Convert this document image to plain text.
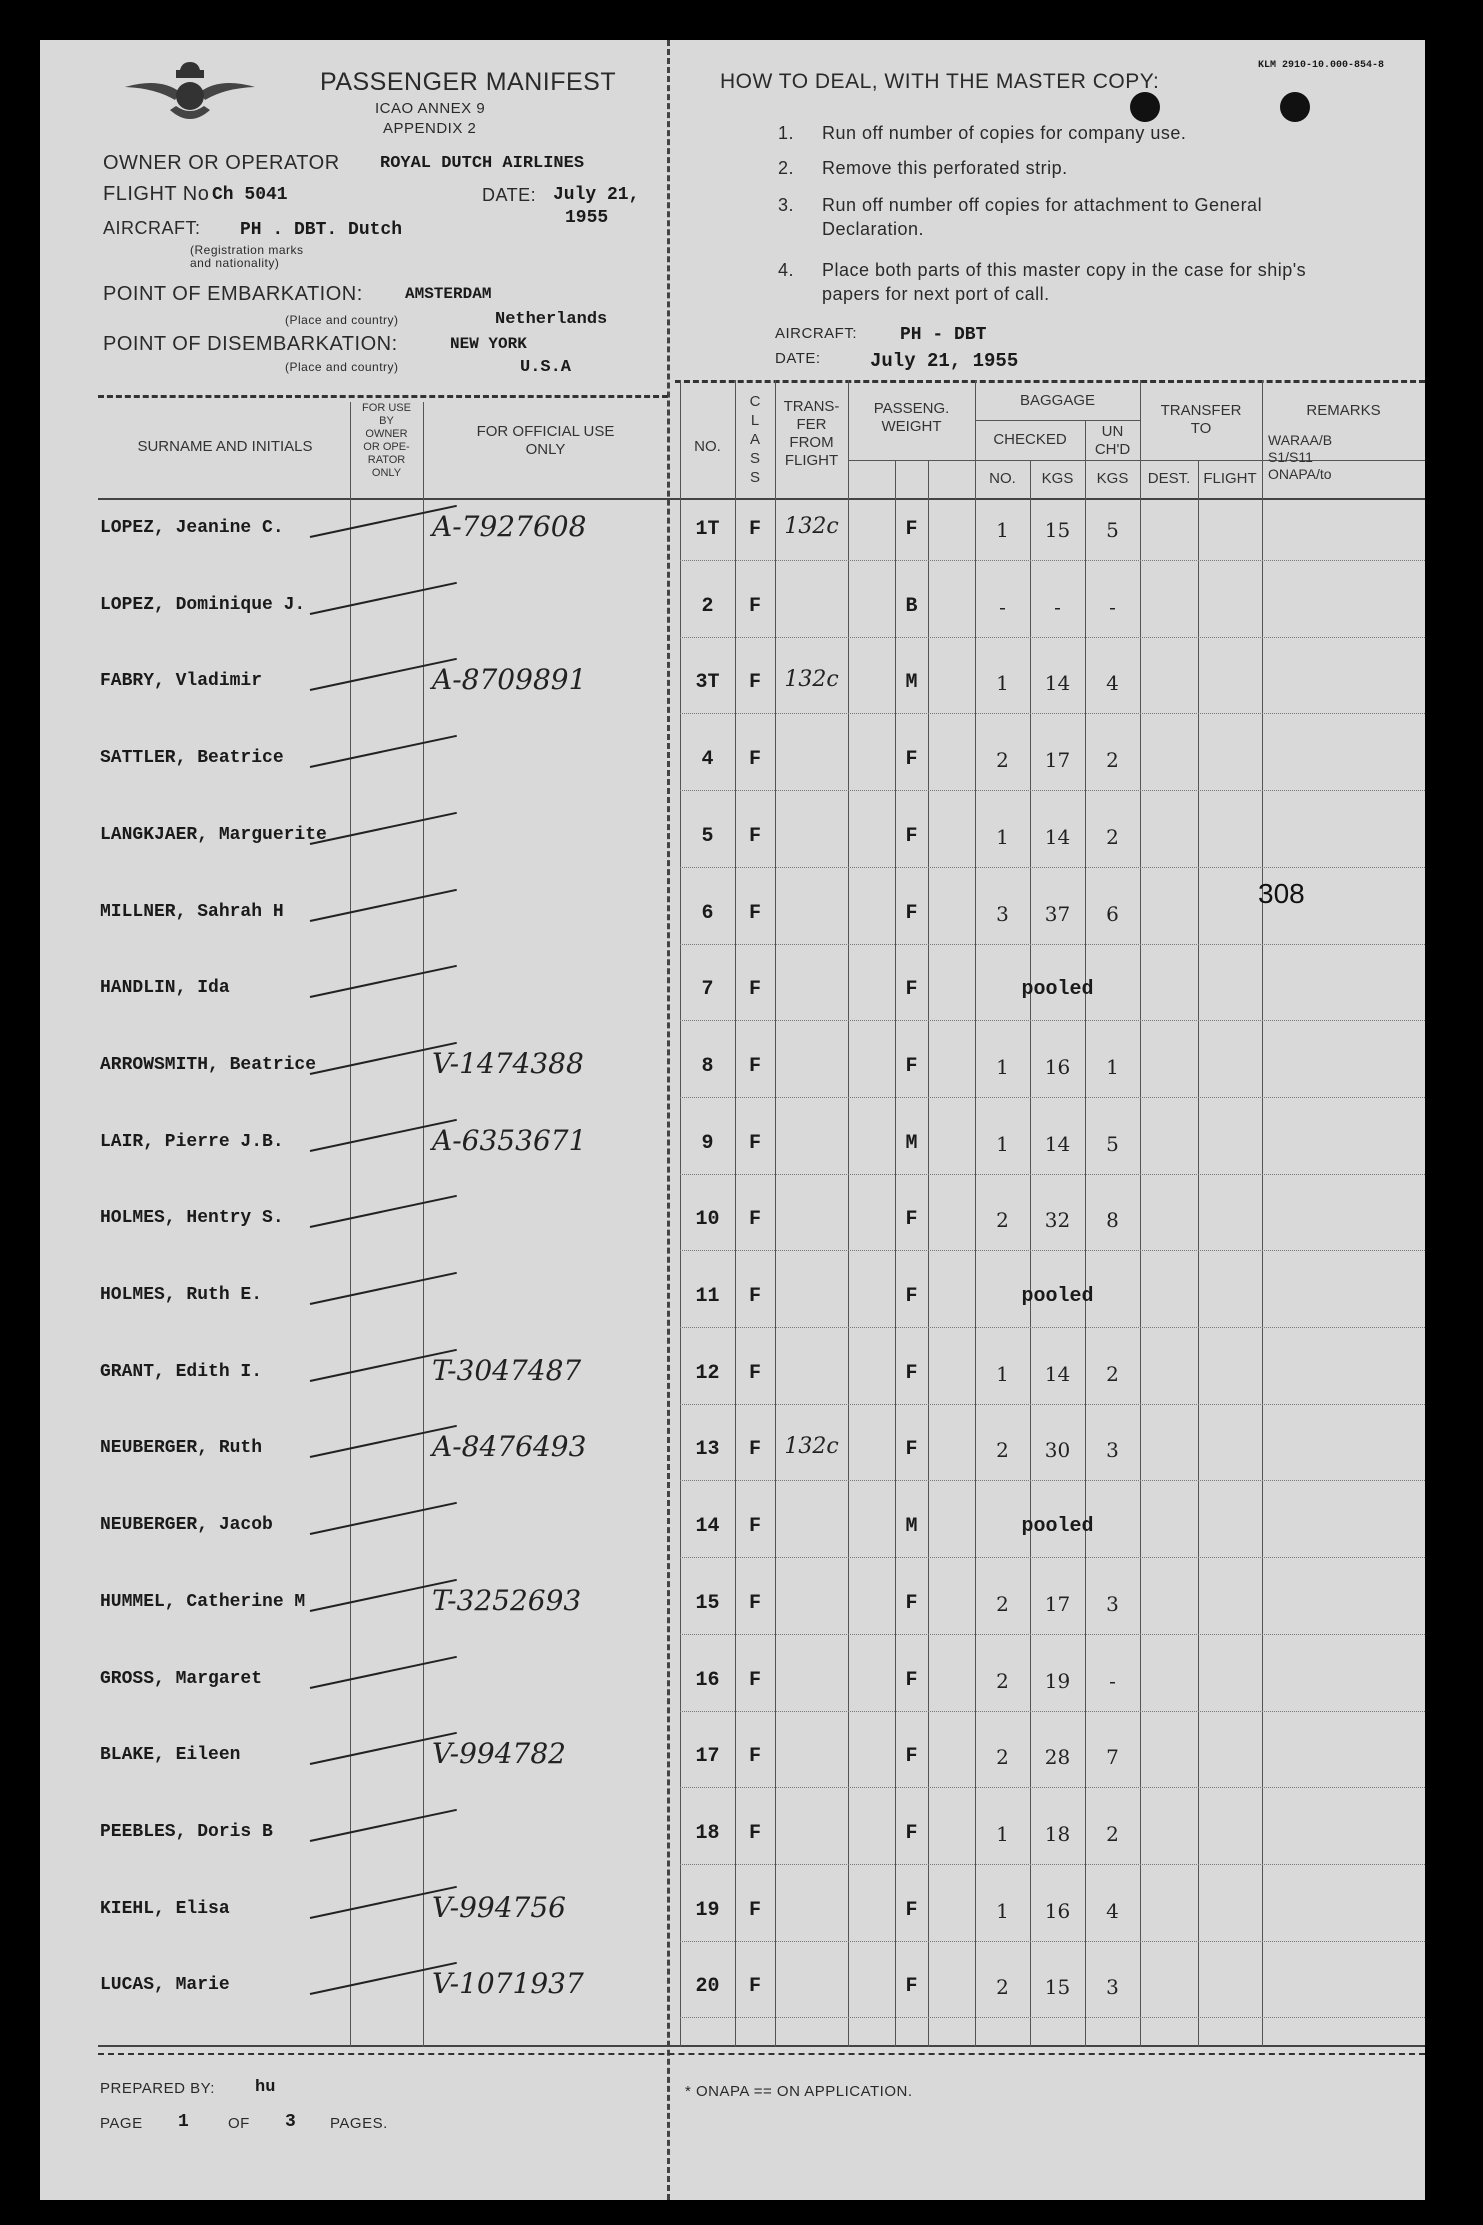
PASSENGER MANIFEST
ICAO ANNEX 9
APPENDIX 2
OWNER OR OPERATOR ROYAL DUTCH AIRLINES
FLIGHT No Ch 5041	DATE: July 21,
1955
AIRCRAFT: PH . DBT. Dutch
(Registration marks
and nationality)
POINT OF EMBARKATION:	AMSTERDAM
(Place and country)	Netherlands
POINT OF DISEMBARKATION:	NEW YORK
(Place and country)	U.S.A
KLM 2910-10.000-854-8
HOW TO DEAL, WITH THE MASTER COPY:
1. Run off number of copies for company use.
2. Remove this perforated strip.
3. Run off number off copies for attachment to General
Declaration.
4. Place both parts of this master copy in the case for ship's
papers for next port of call.
AIRCRAFT: PH - DBT
DATE:	July 21, 1955
SURNAME AND INITIALS
FOR USE
BY
OWNER
OR OPE-
RATOR
ONLY
FOR OFFICIAL USE
ONLY	NO.
C
L
A
S
S
TRANS-
FER
FROM
FLIGHT
PASSENG.
WEIGHT
BAGGAGE
CHECKED	UN
CH'D
NO.	KGS	KGS
TRANSFER
TO
DEST. FLIGHT
REMARKS
WARAA/B
S1/S11
ONAPA/to
LOPEZ, Jeanine C.	A-7927608	1T	F	132c	F	1	15	5
LOPEZ, Dominique J.	2	F	B	-	-	-
FABRY, Vladimir	A-8709891	3T	F	132c	M	1	14	4
SATTLER, Beatrice	4	F	F	2	17	2
LANGKJAER, Marguerite	5	F	F	1	14	2
MILLNER, Sahrah H	6	F	F	3	37	6
HANDLIN, Ida	7	F	F	pooled
ARROWSMITH, Beatrice	V-1474388	8	F	F	1	16	1
LAIR, Pierre J.B.	A-6353671	9	F	M	1	14	5
HOLMES, Hentry S.	10	F	F	2	32	8
HOLMES, Ruth E.	11	F	F	pooled
GRANT, Edith I.	T-3047487	12	F	F	1	14	2
NEUBERGER, Ruth	A-8476493	13	F	132c	F	2	30	3
NEUBERGER, Jacob	14	F	M	pooled
HUMMEL, Catherine M	T-3252693	15	F	F	2	17	3
GROSS, Margaret	16	F	F	2	19	-
BLAKE, Eileen	V-994782	17	F	F	2	28	7
PEEBLES, Doris B	18	F	F	1	18	2
KIEHL, Elisa	V-994756	19	F	F	1	16	4
LUCAS, Marie	V-1071937	20	F	F	2	15	3
308
PREPARED BY: hu
PAGE 1	OF 3 PAGES.
* ONAPA == ON APPLICATION.
